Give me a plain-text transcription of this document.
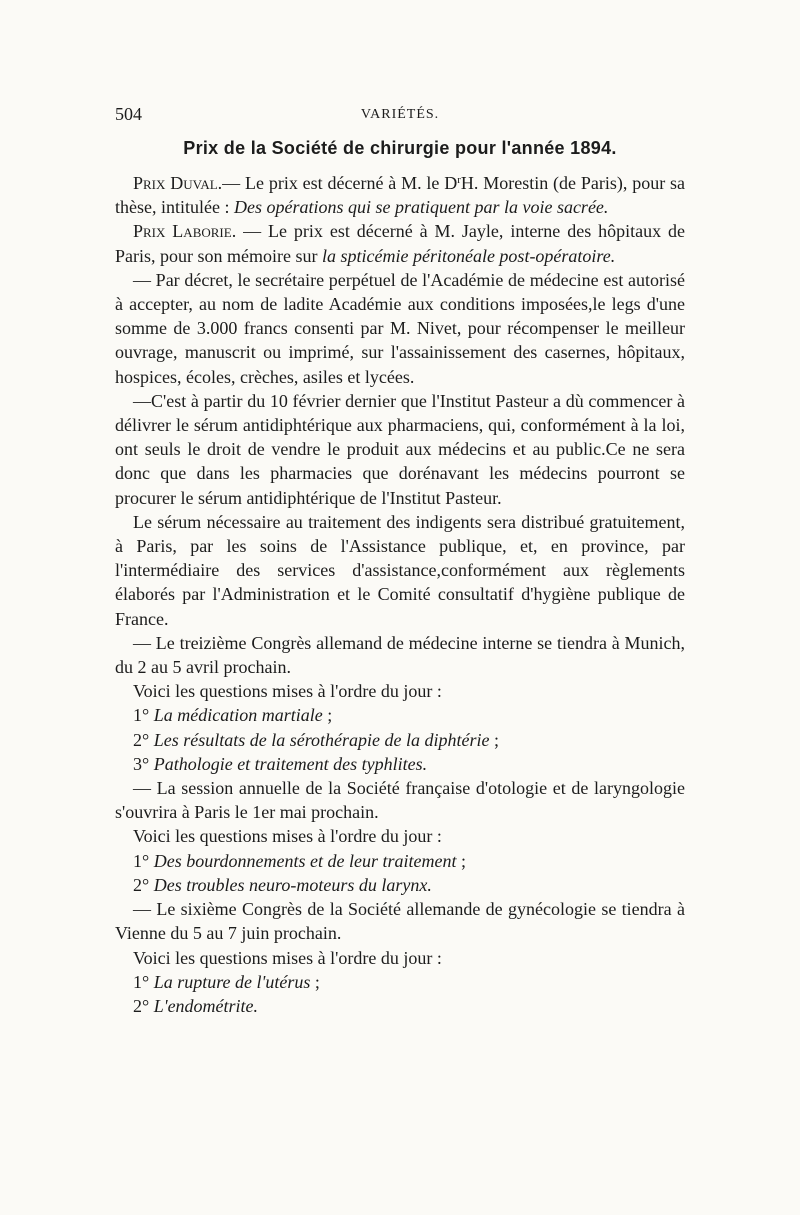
504	VARIÉTÉS.
Prix de la Société de chirurgie pour l'année 1894.

Prix Duval.— Le prix est décerné à M. le $D^rH$. Morestin (de Paris), pour sa thèse, intitulée : Des opérations qui se pratiquent par la voie sacrée.

Prix Laborie. — Le prix est décerné à M. Jayle, interne des hôpitaux de Paris, pour son mémoire sur la spticémie péritonéale post-opératoire.

— Par décret, le secrétaire perpétuel de l'Académie de médecine est autorisé à accepter, au nom de ladite Académie aux conditions imposées,le legs d'une somme de 3.000 francs consenti par M. Nivet, pour récompenser le meilleur ouvrage, manuscrit ou imprimé, sur l'assainissement des casernes, hôpitaux, hospices, écoles, crèches, asiles et lycées.

—C'est à partir du 10 février dernier que l'Institut Pasteur a dù commencer à délivrer le sérum antidiphtérique aux pharmaciens, qui, conformément à la loi, ont seuls le droit de vendre le produit aux médecins et au public.Ce ne sera donc que dans les pharmacies que dorénavant les médecins pourront se procurer le sérum antidiphtérique de l'Institut Pasteur.

Le sérum nécessaire au traitement des indigents sera distribué gratuitement, à Paris, par les soins de l'Assistance publique, et, en province, par l'intermédiaire des services d'assistance,conformément aux règlements élaborés par l'Administration et le Comité consultatif d'hygiène publique de France.

— Le treizième Congrès allemand de médecine interne se tiendra à Munich, du 2 au 5 avril prochain.

Voici les questions mises à l'ordre du jour :

1° La médication martiale ;

2° Les résultats de la sérothérapie de la diphtérie ;

3° Pathologie et traitement des typhlites.

— La session annuelle de la Société française d'otologie et de laryngologie s'ouvrira à Paris le 1er mai prochain.

Voici les questions mises à l'ordre du jour :

1° Des bourdonnements et de leur traitement ;

2° Des troubles neuro-moteurs du larynx.

— Le sixième Congrès de la Société allemande de gynécologie se tiendra à Vienne du 5 au 7 juin prochain.

Voici les questions mises à l'ordre du jour :

1° La rupture de l'utérus ;

2° L'endométrite.
